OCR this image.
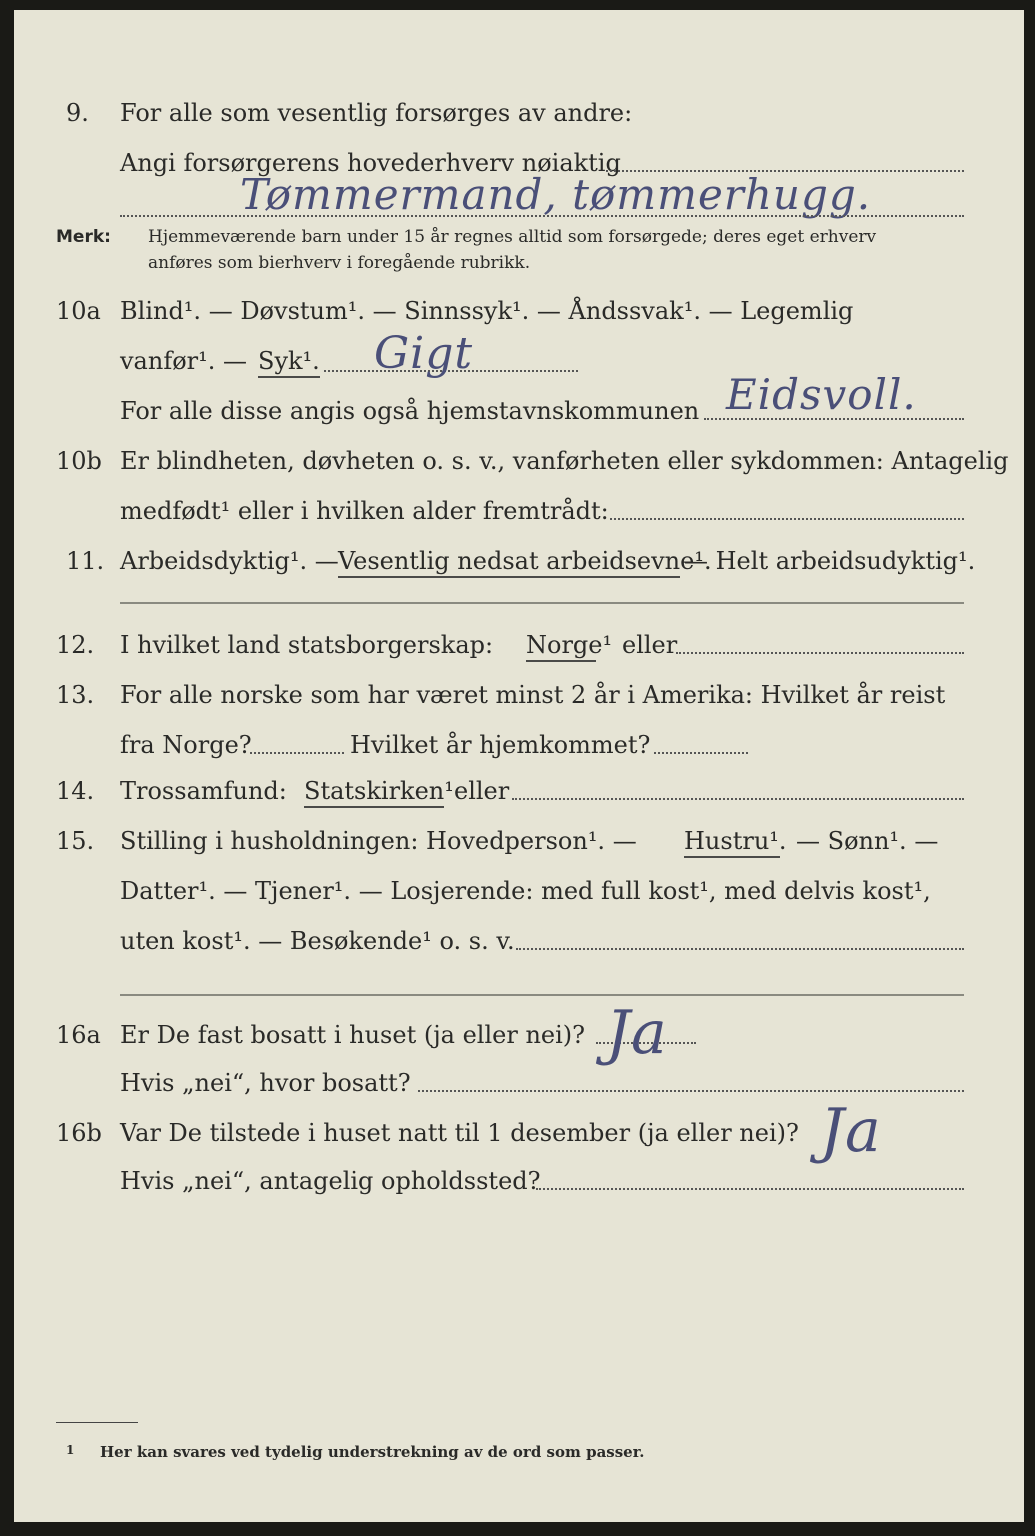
9. For alle som vesentlig forsørges av andre:
Angi forsørgerens hovederhverv nøiaktig
Tømmermand, tømmerhugg.
Merk: Hjemmeværende barn under 15 år regnes alltid som forsørgede; deres eget erhverv
anføres som bierhverv i foregående rubrikk.
10a Blind¹. — Døvstum¹. — Sinnssyk¹. — Åndssvak¹. — Legemlig
vanfør¹. — Syk¹. Gigt
For alle disse angis også hjemstavnskommunen Eidsvoll.
10b Er blindheten, døvheten o. s. v., vanførheten eller sykdommen: Antagelig
medfødt¹ eller i hvilken alder fremtrådt:
11. Arbeidsdyktig¹. — Vesentlig nedsat arbeidsevne¹.
— Helt arbeidsudyktig¹.
12. I hvilket land statsborgerskap: Norge¹ eller
13. For alle norske som har været minst 2 år i Amerika: Hvilket år reist
fra Norge?	Hvilket år hjemkommet?
14. Trossamfund: Statskirken¹ eller
15. Stilling i husholdningen: Hovedperson¹. — Hustru¹. — Sønn¹. —
Datter¹. — Tjener¹. — Losjerende: med full kost¹, med delvis kost¹,
uten kost¹. — Besøkende¹ o. s. v.
16a Er De fast bosatt i huset (ja eller nei)? Ja
Hvis „nei“, hvor bosatt?
16b Var De tilstede i huset natt til 1 desember (ja eller nei)? Ja
Hvis „nei“, antagelig opholdssted?
1 Her kan svares ved tydelig understrekning av de ord som passer.
